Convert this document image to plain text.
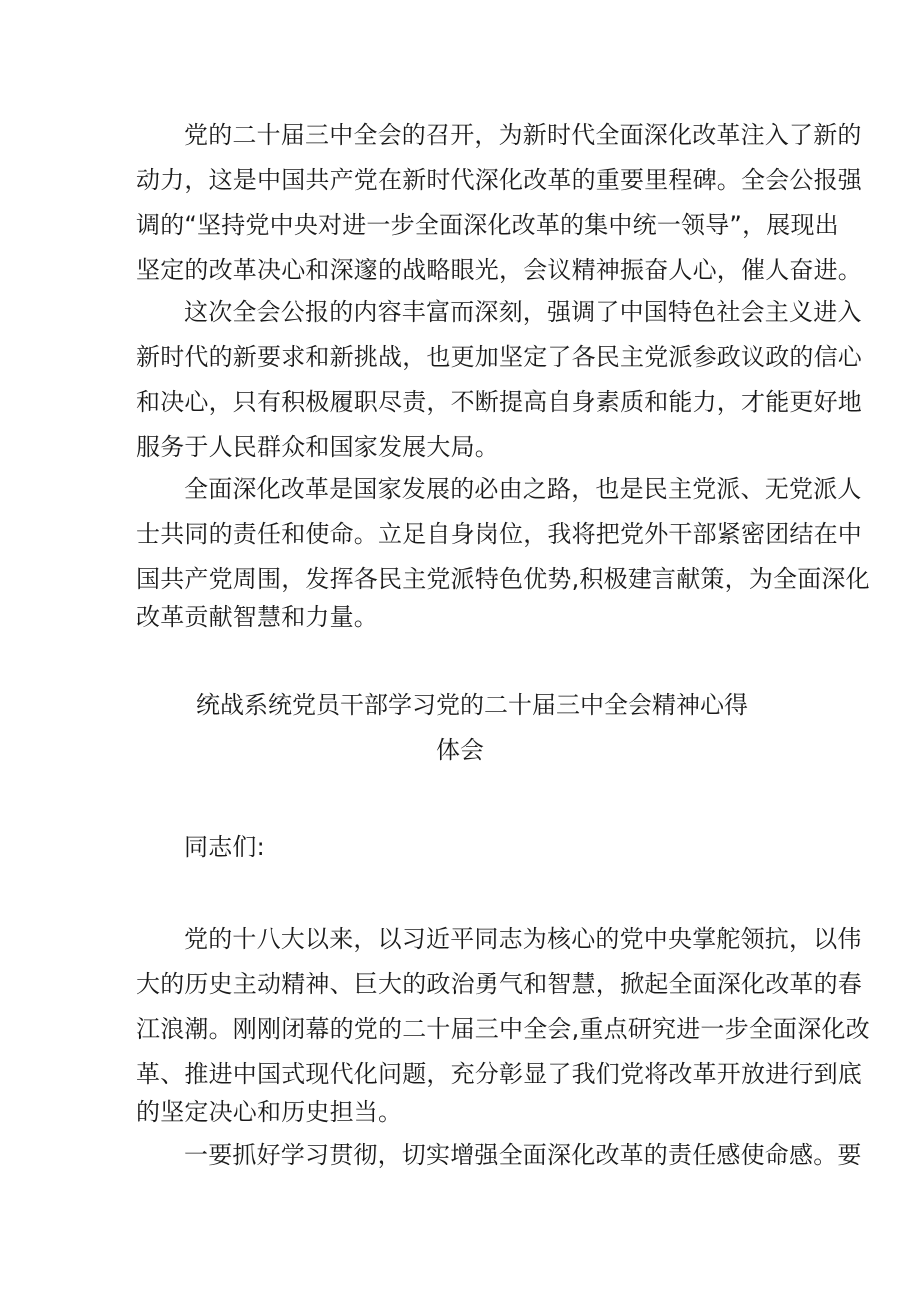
党的二十届三中全会的召开，为新时代全面深化改革注入了新的
动力，这是中国共产党在新时代深化改革的重要里程碑。全会公报强
调的“坚持党中央对进一步全面深化改革的集中统一领导”，展现出
坚定的改革决心和深邃的战略眼光，会议精神振奋人心，催人奋进。
这次全会公报的内容丰富而深刻，强调了中国特色社会主义进入
新时代的新要求和新挑战，也更加坚定了各民主党派参政议政的信心
和决心，只有积极履职尽责，不断提高自身素质和能力，才能更好地
服务于人民群众和国家发展大局。
全面深化改革是国家发展的必由之路，也是民主党派、无党派人
士共同的责任和使命。立足自身岗位，我将把党外干部紧密团结在中
国共产党周围，发挥各民主党派特色优势,积极建言献策，为全面深化
改革贡献智慧和力量。
统战系统党员干部学习党的二十届三中全会精神心得
体会
同志们:
党的十八大以来，以习近平同志为核心的党中央掌舵领抗，以伟
大的历史主动精神、巨大的政治勇气和智慧，掀起全面深化改革的春
江浪潮。刚刚闭幕的党的二十届三中全会,重点研究进一步全面深化改
革、推进中国式现代化问题，充分彰显了我们党将改革开放进行到底
的坚定决心和历史担当。
一要抓好学习贯彻，切实增强全面深化改革的责任感使命感。要
